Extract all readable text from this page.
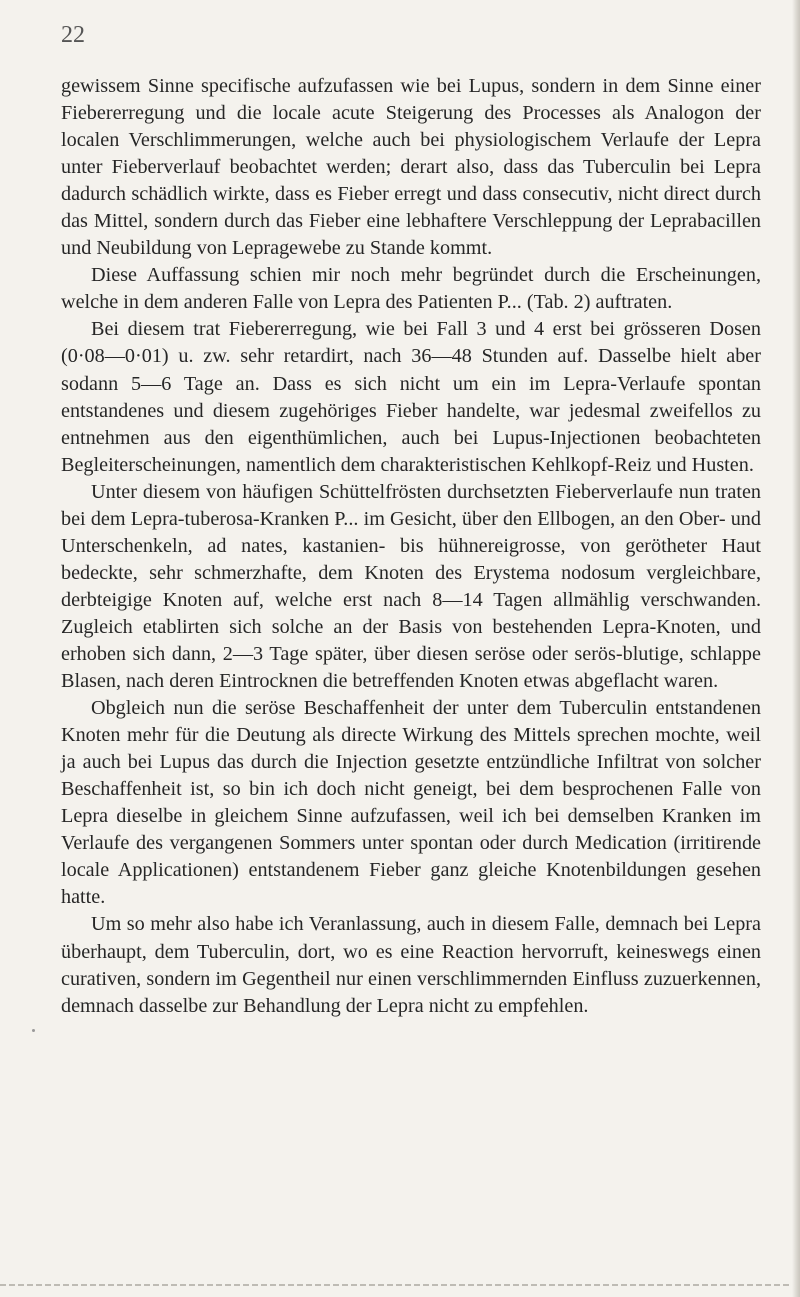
22

gewissem Sinne specifische aufzufassen wie bei Lupus, sondern in dem Sinne einer Fiebererregung und die locale acute Steigerung des Processes als Analogon der localen Verschlimmerungen, welche auch bei physiologischem Verlaufe der Lepra unter Fieberverlauf beobachtet werden; derart also, dass das Tuberculin bei Lepra dadurch schädlich wirkte, dass es Fieber erregt und dass consecutiv, nicht direct durch das Mittel, sondern durch das Fieber eine lebhaftere Verschleppung der Leprabacillen und Neubildung von Lepragewebe zu Stande kommt.

Diese Auffassung schien mir noch mehr begründet durch die Erscheinungen, welche in dem anderen Falle von Lepra des Patienten P... (Tab. 2) auftraten.

Bei diesem trat Fiebererregung, wie bei Fall 3 und 4 erst bei grösseren Dosen (0·08—0·01) u. zw. sehr retardirt, nach 36—48 Stunden auf. Dasselbe hielt aber sodann 5—6 Tage an. Dass es sich nicht um ein im Lepra-Verlaufe spontan entstandenes und diesem zugehöriges Fieber handelte, war jedesmal zweifellos zu entnehmen aus den eigenthümlichen, auch bei Lupus-Injectionen beobachteten Begleiterscheinungen, namentlich dem charakteristischen Kehlkopf-Reiz und Husten.

Unter diesem von häufigen Schüttelfrösten durchsetzten Fieberverlaufe nun traten bei dem Lepra-tuberosa-Kranken P... im Gesicht, über den Ellbogen, an den Ober- und Unterschenkeln, ad nates, kastanien- bis hühnereigrosse, von gerötheter Haut bedeckte, sehr schmerzhafte, dem Knoten des Erystema nodosum vergleichbare, derbteigige Knoten auf, welche erst nach 8—14 Tagen allmählig verschwanden. Zugleich etablirten sich solche an der Basis von bestehenden Lepra-Knoten, und erhoben sich dann, 2—3 Tage später, über diesen seröse oder serös-blutige, schlappe Blasen, nach deren Eintrocknen die betreffenden Knoten etwas abgeflacht waren.

Obgleich nun die seröse Beschaffenheit der unter dem Tuberculin entstandenen Knoten mehr für die Deutung als directe Wirkung des Mittels sprechen mochte, weil ja auch bei Lupus das durch die Injection gesetzte entzündliche Infiltrat von solcher Beschaffenheit ist, so bin ich doch nicht geneigt, bei dem besprochenen Falle von Lepra dieselbe in gleichem Sinne aufzufassen, weil ich bei demselben Kranken im Verlaufe des vergangenen Sommers unter spontan oder durch Medication (irritirende locale Applicationen) entstandenem Fieber ganz gleiche Knotenbildungen gesehen hatte.

Um so mehr also habe ich Veranlassung, auch in diesem Falle, demnach bei Lepra überhaupt, dem Tuberculin, dort, wo es eine Reaction hervorruft, keineswegs einen curativen, sondern im Gegentheil nur einen verschlimmernden Einfluss zuzuerkennen, demnach dasselbe zur Behandlung der Lepra nicht zu empfehlen.
